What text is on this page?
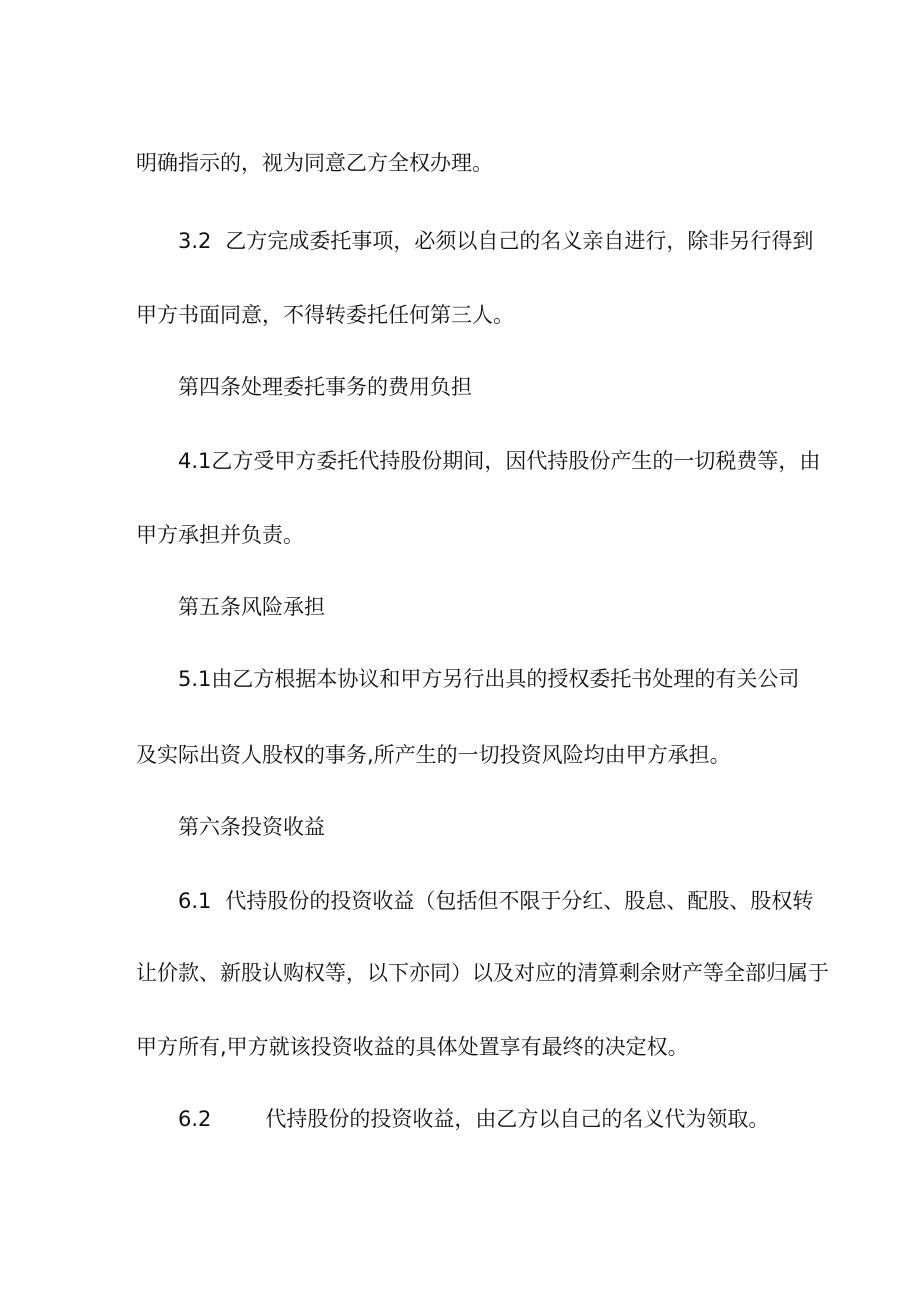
明确指示的，视为同意乙方全权办理。
3.2 乙方完成委托事项，必须以自己的名义亲自进行，除非另行得到
甲方书面同意，不得转委托任何第三人。
第四条处理委托事务的费用负担
4.1乙方受甲方委托代持股份期间，因代持股份产生的一切税费等，由
甲方承担并负责。
第五条风险承担
5.1由乙方根据本协议和甲方另行出具的授权委托书处理的有关公司
及实际出资人股权的事务,所产生的一切投资风险均由甲方承担。
第六条投资收益
6.1 代持股份的投资收益（包括但不限于分红、股息、配股、股权转
让价款、新股认购权等，以下亦同）以及对应的清算剩余财产等全部归属于
甲方所有,甲方就该投资收益的具体处置享有最终的决定权。
6.2	代持股份的投资收益，由乙方以自己的名义代为领取。
